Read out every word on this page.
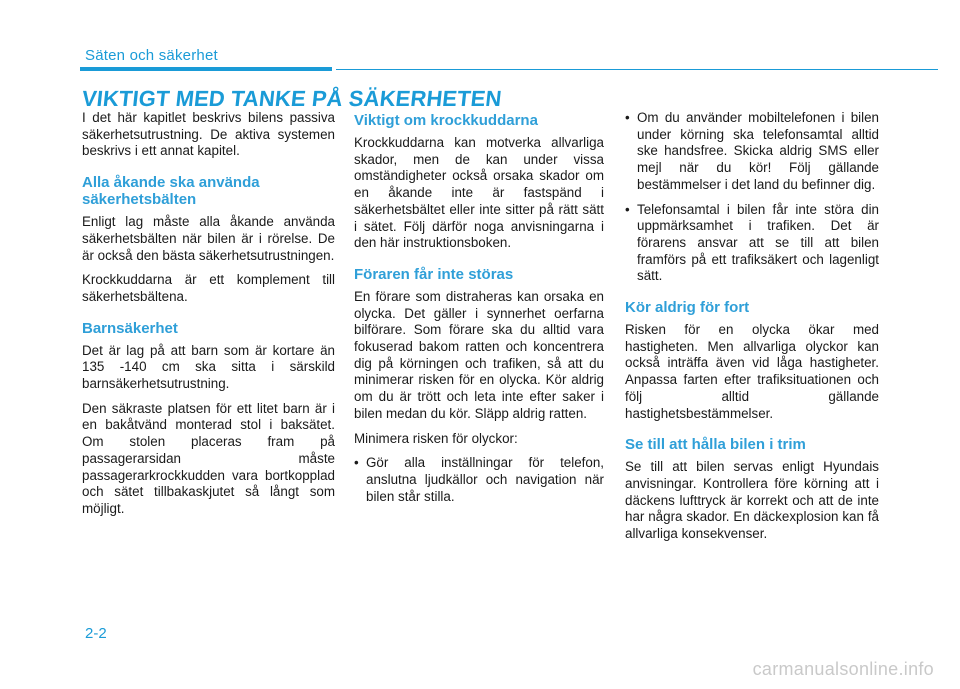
Säten och säkerhet
VIKTIGT MED TANKE PÅ SÄKERHETEN

I det här kapitlet beskrivs bilens passiva säkerhetsutrustning. De aktiva systemen beskrivs i ett annat kapitel.

Alla åkande ska använda säkerhetsbälten

Enligt lag måste alla åkande använda säkerhetsbälten när bilen är i rörelse. De är också den bästa säkerhetsutrustningen.

Krockkuddarna är ett komplement till säkerhetsbältena.

Barnsäkerhet

Det är lag på att barn som är kortare än 135 -140 cm ska sitta i särskild barnsäkerhetsutrustning.

Den säkraste platsen för ett litet barn är i en bakåtvänd monterad stol i baksätet. Om stolen placeras fram på passagerarsidan måste passagerarkrockkudden vara bortkopplad och sätet tillbakaskjutet så långt som möjligt.

Viktigt om krockkuddarna

Krockkuddarna kan motverka allvarliga skador, men de kan under vissa omständigheter också orsaka skador om en åkande inte är fastspänd i säkerhetsbältet eller inte sitter på rätt sätt i sätet. Följ därför noga anvisningarna i den här instruktionsboken.

Föraren får inte störas

En förare som distraheras kan orsaka en olycka. Det gäller i synnerhet oerfarna bilförare. Som förare ska du alltid vara fokuserad bakom ratten och koncentrera dig på körningen och trafiken, så att du minimerar risken för en olycka. Kör aldrig om du är trött och leta inte efter saker i bilen medan du kör. Släpp aldrig ratten.

Minimera risken för olyckor:

• Gör alla inställningar för telefon, anslutna ljudkällor och navigation när bilen står stilla.
• Om du använder mobiltelefonen i bilen under körning ska telefonsamtal alltid ske handsfree. Skicka aldrig SMS eller mejl när du kör! Följ gällande bestämmelser i det land du befinner dig.
• Telefonsamtal i bilen får inte störa din uppmärksamhet i trafiken. Det är förarens ansvar att se till att bilen framförs på ett trafiksäkert och lagenligt sätt.
Kör aldrig för fort

Risken för en olycka ökar med hastigheten. Men allvarliga olyckor kan också inträffa även vid låga hastigheter. Anpassa farten efter trafiksituationen och följ alltid gällande hastighetsbestämmelser.

Se till att hålla bilen i trim

Se till att bilen servas enligt Hyundais anvisningar. Kontrollera före körning att i däckens lufttryck är korrekt och att de inte har några skador. En däckexplosion kan få allvarliga konsekvenser.

2-2
carmanualsonline.info
